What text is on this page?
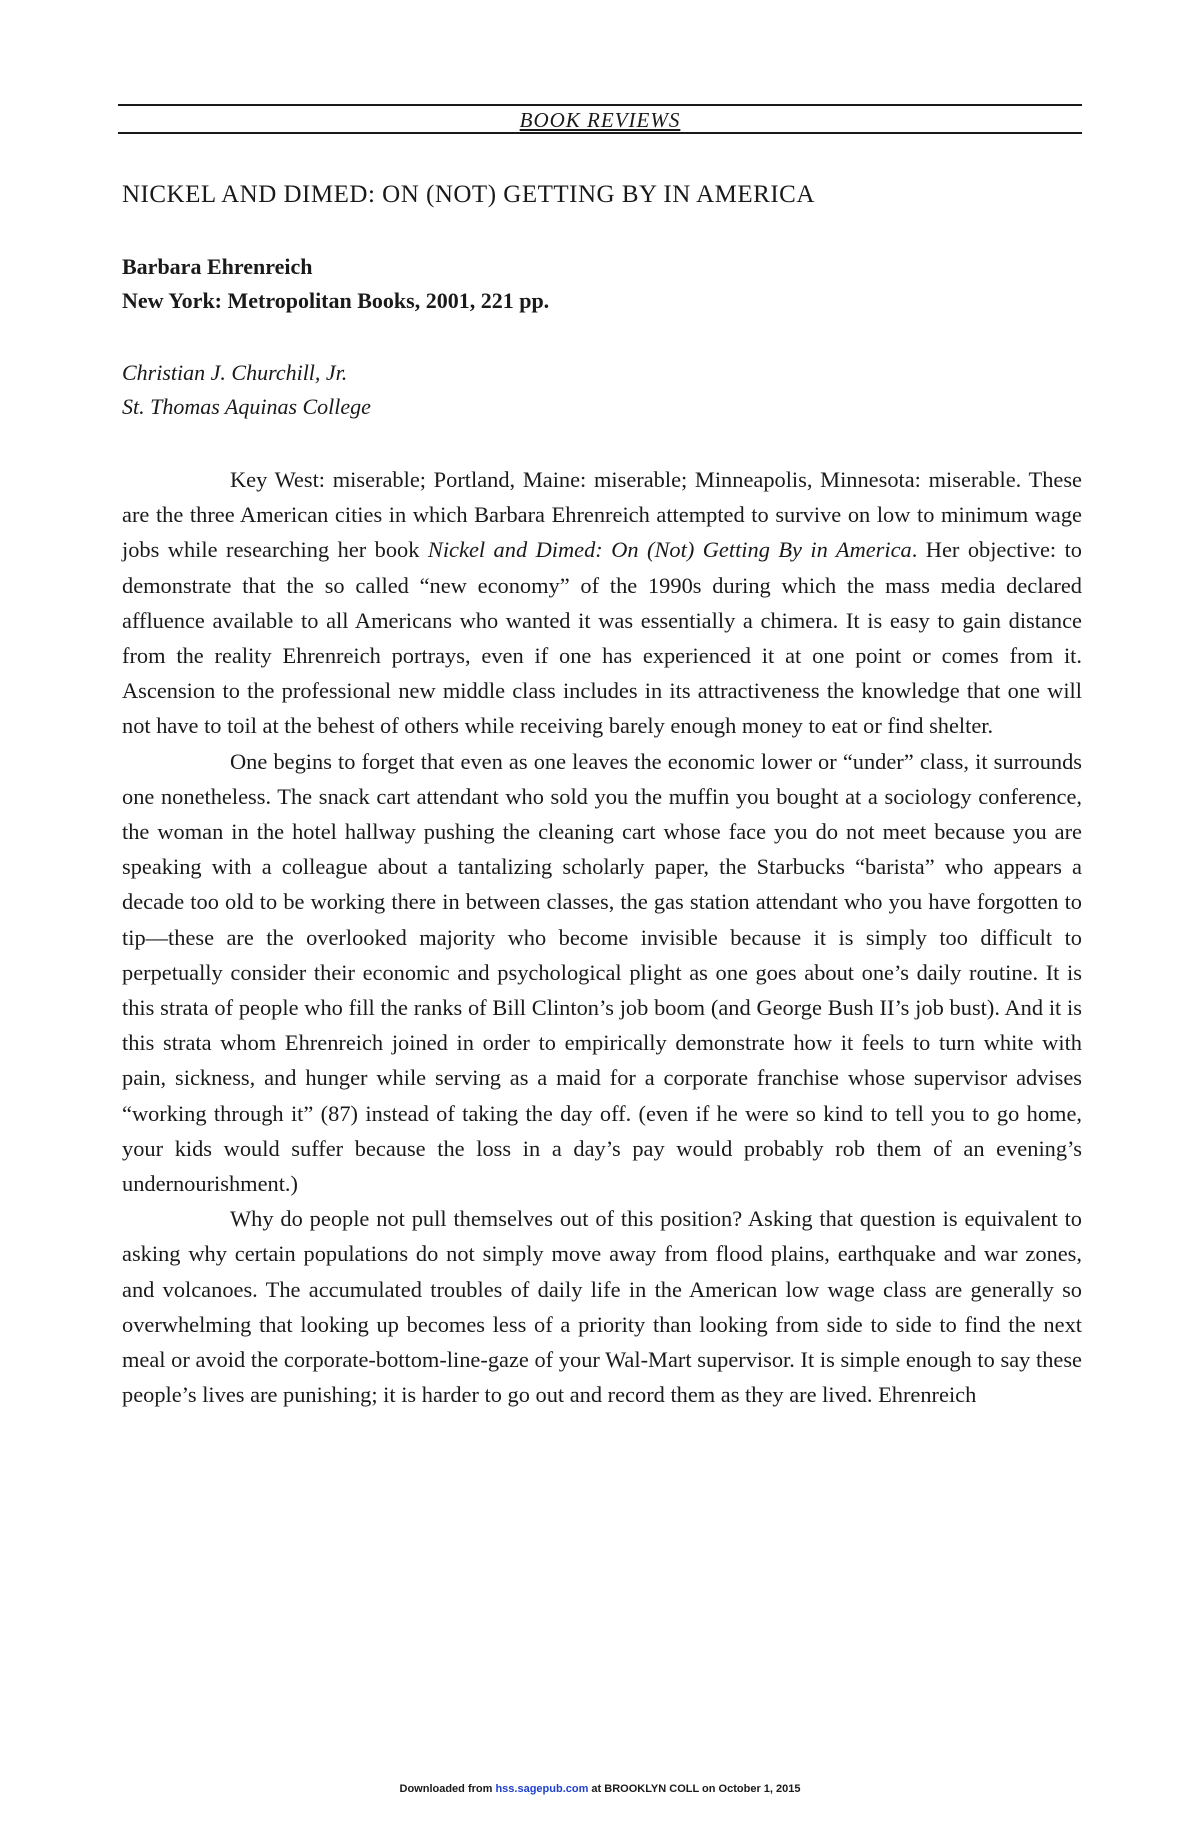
BOOK REVIEWS
NICKEL AND DIMED: ON (NOT) GETTING BY IN AMERICA
Barbara Ehrenreich
New York: Metropolitan Books, 2001, 221 pp.
Christian J. Churchill, Jr.
St. Thomas Aquinas College

Key West: miserable; Portland, Maine: miserable; Minneapolis, Minnesota: miserable. These are the three American cities in which Barbara Ehrenreich attempted to survive on low to minimum wage jobs while researching her book Nickel and Dimed: On (Not) Getting By in America. Her objective: to demonstrate that the so called “new economy” of the 1990s during which the mass media declared affluence available to all Americans who wanted it was essentially a chimera. It is easy to gain distance from the reality Ehrenreich portrays, even if one has experienced it at one point or comes from it. Ascension to the professional new middle class includes in its attractiveness the knowledge that one will not have to toil at the behest of others while receiving barely enough money to eat or find shelter.

One begins to forget that even as one leaves the economic lower or “under” class, it surrounds one nonetheless. The snack cart attendant who sold you the muffin you bought at a sociology conference, the woman in the hotel hallway pushing the cleaning cart whose face you do not meet because you are speaking with a colleague about a tantalizing scholarly paper, the Starbucks “barista” who appears a decade too old to be working there in between classes, the gas station attendant who you have forgotten to tip—these are the overlooked majority who become invisible because it is simply too difficult to perpetually consider their economic and psychological plight as one goes about one’s daily routine. It is this strata of people who fill the ranks of Bill Clinton’s job boom (and George Bush II’s job bust). And it is this strata whom Ehrenreich joined in order to empirically demonstrate how it feels to turn white with pain, sickness, and hunger while serving as a maid for a corporate franchise whose supervisor advises “working through it” (87) instead of taking the day off. (even if he were so kind to tell you to go home, your kids would suffer because the loss in a day’s pay would probably rob them of an evening’s undernourishment.)

Why do people not pull themselves out of this position? Asking that question is equivalent to asking why certain populations do not simply move away from flood plains, earthquake and war zones, and volcanoes. The accumulated troubles of daily life in the American low wage class are generally so overwhelming that looking up becomes less of a priority than looking from side to side to find the next meal or avoid the corporate-bottom-line-gaze of your Wal-Mart supervisor. It is simple enough to say these people’s lives are punishing; it is harder to go out and record them as they are lived. Ehrenreich

Downloaded from hss.sagepub.com at BROOKLYN COLL on October 1, 2015
